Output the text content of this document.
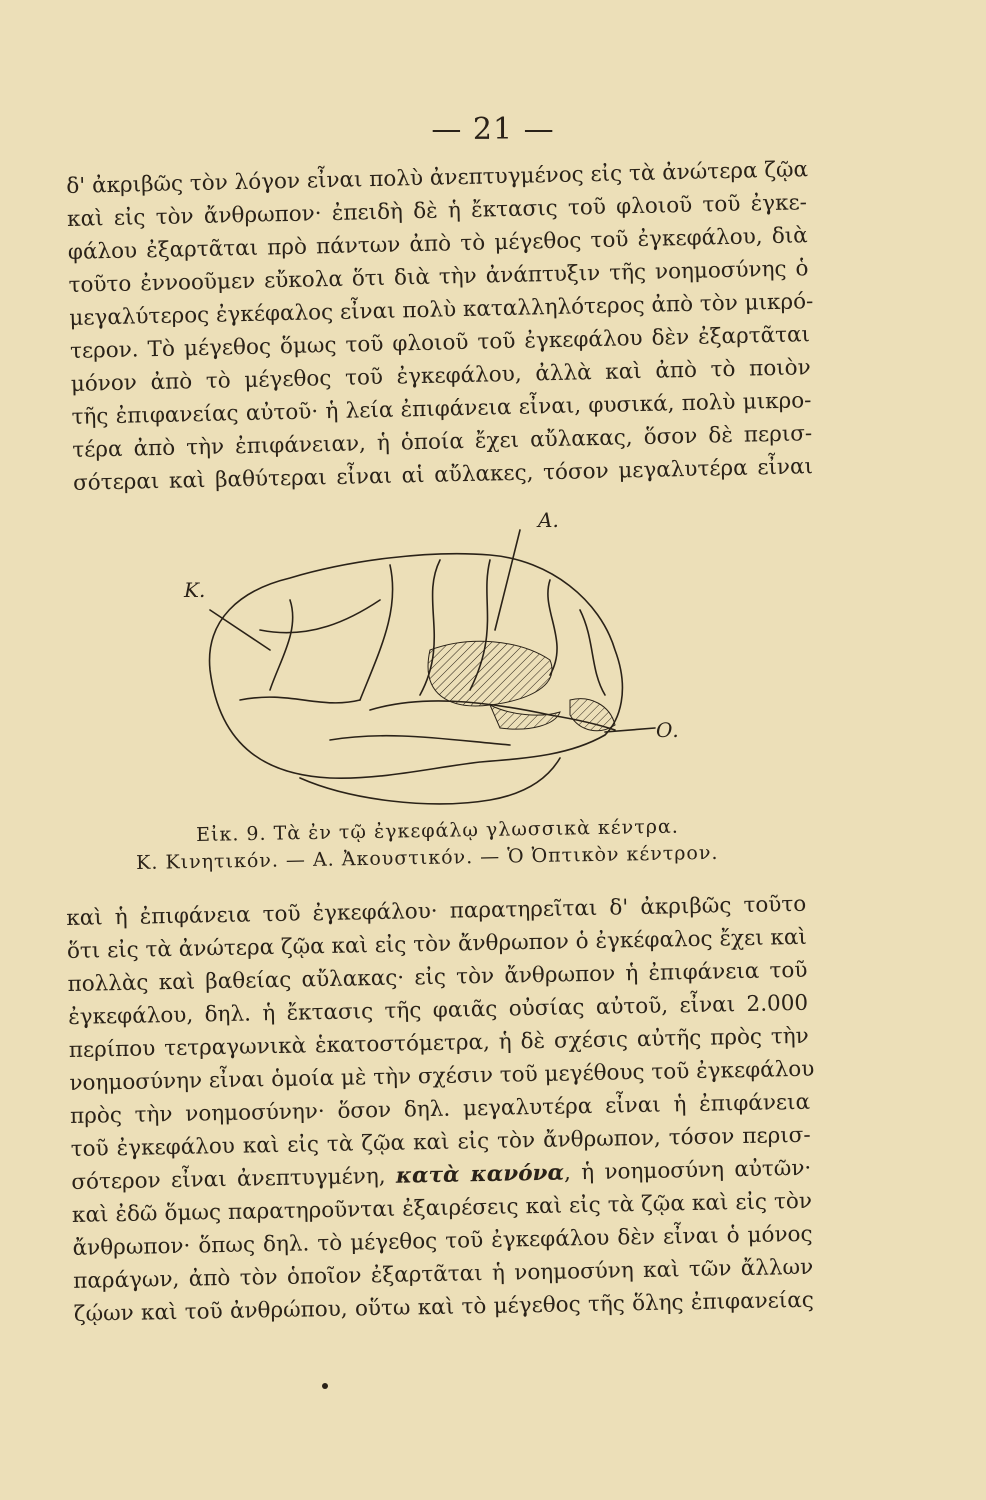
— 21 —
δ' ἀκριβῶς τὸν λόγον εἶναι πολὺ ἀνεπτυγμένος εἰς τὰ ἀνώτερα ζῷα
καὶ εἰς τὸν ἄνθρωπον· ἐπειδὴ δὲ ἡ ἔκτασις τοῦ φλοιοῦ τοῦ ἐγκε-
φάλου ἐξαρτᾶται πρὸ πάντων ἀπὸ τὸ μέγεθος τοῦ ἐγκεφάλου, διὰ
τοῦτο ἐννοοῦμεν εὔκολα ὅτι διὰ τὴν ἀνάπτυξιν τῆς νοημοσύνης ὁ
μεγαλύτερος ἐγκέφαλος εἶναι πολὺ καταλληλότερος ἀπὸ τὸν μικρό-
τερον. Τὸ μέγεθος ὅμως τοῦ φλοιοῦ τοῦ ἐγκεφάλου δὲν ἐξαρτᾶται
μόνον ἀπὸ τὸ μέγεθος τοῦ ἐγκεφάλου, ἀλλὰ καὶ ἀπὸ τὸ ποιὸν
τῆς ἐπιφανείας αὐτοῦ· ἡ λεία ἐπιφάνεια εἶναι, φυσικά, πολὺ μικρο-
τέρα ἀπὸ τὴν ἐπιφάνειαν, ἡ ὁποία ἔχει αὔλακας, ὅσον δὲ περισ-
σότεραι καὶ βαθύτεραι εἶναι αἱ αὔλακες, τόσον μεγαλυτέρα εἶναι
Κ.
Α.
Ο.
Εἰκ. 9. Τὰ ἐν τῷ ἐγκεφάλῳ γλωσσικὰ κέντρα.
Κ. Κινητικόν. — Α. Ἀκουστικόν. — Ὁ Ὀπτικὸν κέντρον.
καὶ ἡ ἐπιφάνεια τοῦ ἐγκεφάλου· παρατηρεῖται δ' ἀκριβῶς τοῦτο
ὅτι εἰς τὰ ἀνώτερα ζῷα καὶ εἰς τὸν ἄνθρωπον ὁ ἐγκέφαλος ἔχει καὶ
πολλὰς καὶ βαθείας αὔλακας· εἰς τὸν ἄνθρωπον ἡ ἐπιφάνεια τοῦ
ἐγκεφάλου, δηλ. ἡ ἔκτασις τῆς φαιᾶς οὐσίας αὐτοῦ, εἶναι 2.000
περίπου τετραγωνικὰ ἑκατοστόμετρα, ἡ δὲ σχέσις αὐτῆς πρὸς τὴν
νοημοσύνην εἶναι ὁμοία μὲ τὴν σχέσιν τοῦ μεγέθους τοῦ ἐγκεφάλου
πρὸς τὴν νοημοσύνην· ὅσον δηλ. μεγαλυτέρα εἶναι ἡ ἐπιφάνεια
τοῦ ἐγκεφάλου καὶ εἰς τὰ ζῷα καὶ εἰς τὸν ἄνθρωπον, τόσον περισ-
σότερον εἶναι ἀνεπτυγμένη, κατὰ κανόνα, ἡ νοημοσύνη αὐτῶν·
καὶ ἐδῶ ὅμως παρατηροῦνται ἐξαιρέσεις καὶ εἰς τὰ ζῷα καὶ εἰς τὸν
ἄνθρωπον· ὅπως δηλ. τὸ μέγεθος τοῦ ἐγκεφάλου δὲν εἶναι ὁ μόνος
παράγων, ἀπὸ τὸν ὁποῖον ἐξαρτᾶται ἡ νοημοσύνη καὶ τῶν ἄλλων
ζῴων καὶ τοῦ ἀνθρώπου, οὕτω καὶ τὸ μέγεθος τῆς ὅλης ἐπιφανείας
